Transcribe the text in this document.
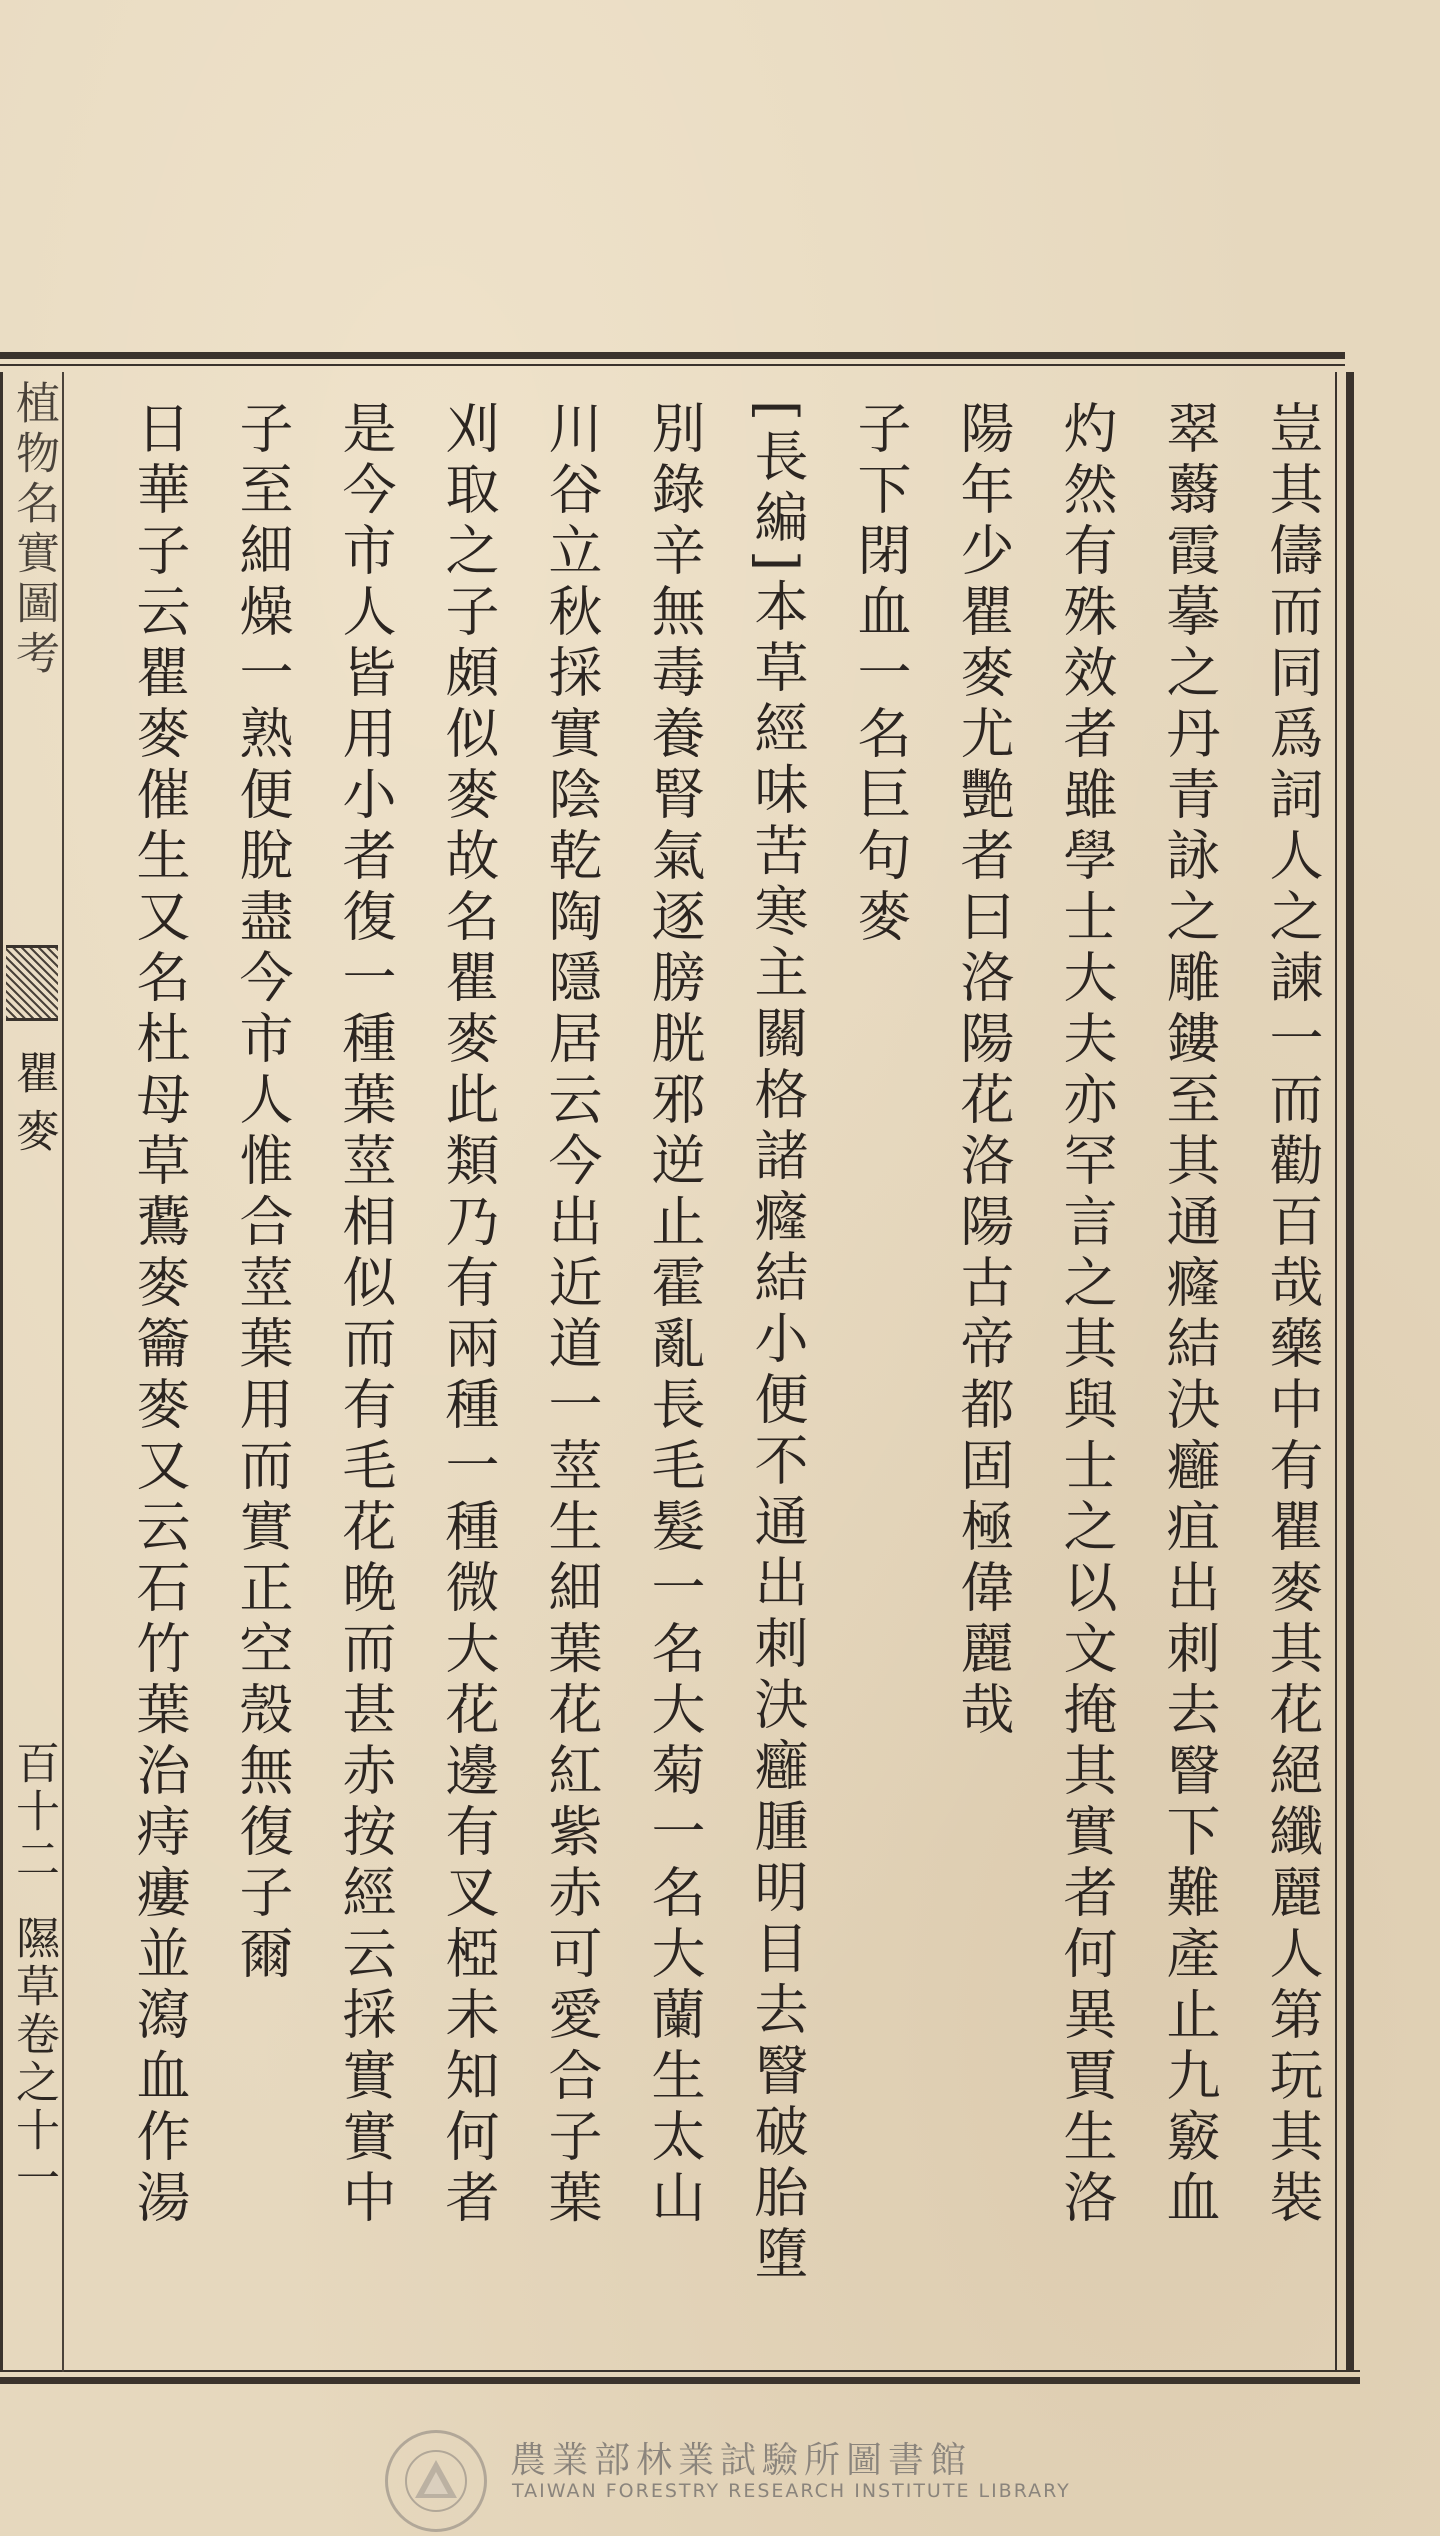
植物名實圖考
瞿麥
百十二
隰草卷之十一	豈其儔而同爲詞人之諫一而勸百哉藥中有瞿麥其花絕纖麗人第玩其裝
翠蘙霞摹之丹青詠之雕鏤至其通癃結決癰疽出刺去瞖下難產止九竅血
灼然有殊效者雖學士大夫亦罕言之其與士之以文掩其實者何異賈生洛
陽年少瞿麥尤艷者曰洛陽花洛陽古帝都固極偉麗哉
子下閉血一名巨句麥
[長編]本草經味苦寒主關格諸癃結小便不通出刺決癰腫明目去瞖破胎墮
別錄辛無毒養腎氣逐膀胱邪逆止霍亂長毛髮一名大菊一名大蘭生太山
川谷立秋採實陰乾陶隱居云今出近道一莖生細葉花紅紫赤可愛合子葉
刈取之子頗似麥故名瞿麥此類乃有兩種一種微大花邊有叉椏未知何者
是今市人皆用小者復一種葉莖相似而有毛花晚而甚赤按經云採實實中
子至細燥一熟便脫盡今市人惟合莖葉用而實正空殼無復子爾
日華子云瞿麥催生又名杜母草鷰麥籥麥又云石竹葉治痔瘻並瀉血作湯
農業部林業試驗所圖書館
TAIWAN FORESTRY RESEARCH INSTITUTE LIBRARY
